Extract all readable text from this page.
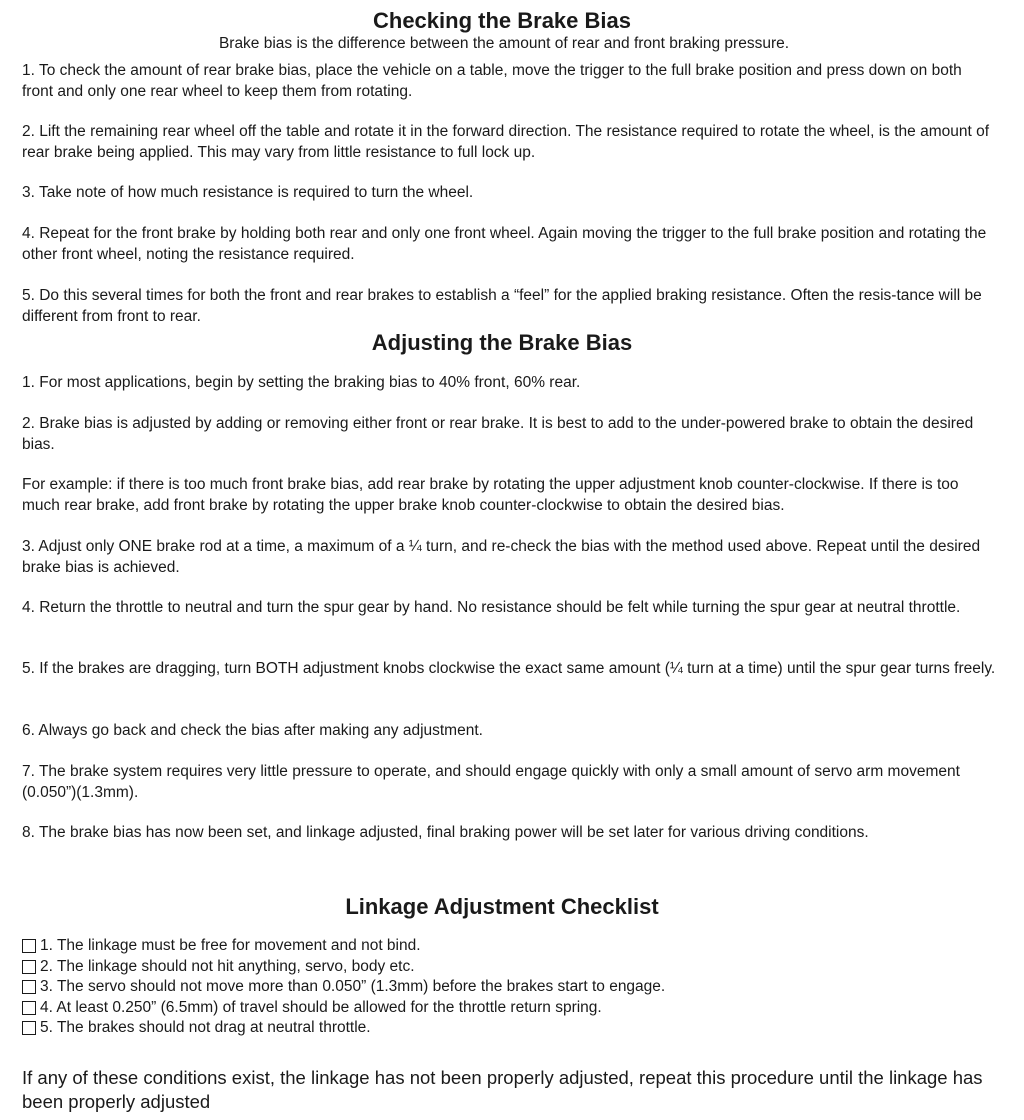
Checking the Brake Bias

Brake bias is the difference between the amount of rear and front braking pressure.

1. To check the amount of rear brake bias, place the vehicle on a table, move the trigger to the full brake position and press down on both front and only one rear wheel to keep them from rotating.

2. Lift the remaining rear wheel off the table and rotate it in the forward direction. The resistance required to rotate the wheel, is the amount of rear brake being applied. This may vary from little resistance to full lock up.

3. Take note of how much resistance is required to turn the wheel.

4. Repeat for the front brake by holding both rear and only one front wheel. Again moving the trigger to the full brake position and rotating the other front wheel, noting the resistance required.

5. Do this several times for both the front and rear brakes to establish a “feel” for the applied braking resistance. Often the resis-tance will be different from front to rear.

Adjusting the Brake Bias

1. For most applications, begin by setting the braking bias to 40% front, 60% rear.

2. Brake bias is adjusted by adding or removing either front or rear brake. It is best to add to the under-powered brake to obtain the desired bias.

For example: if there is too much front brake bias, add rear brake by rotating the upper adjustment knob counter-clockwise. If there is too much rear brake, add front brake by rotating the upper brake knob counter-clockwise to obtain the desired bias.

3. Adjust only ONE brake rod at a time, a maximum of a ¼ turn, and re-check the bias with the method used above. Repeat until the desired brake bias is achieved.

4. Return the throttle to neutral and turn the spur gear by hand. No resistance should be felt while turning the spur gear at neutral throttle.

5. If the brakes are dragging, turn BOTH adjustment knobs clockwise the exact same amount (¼ turn at a time) until the spur gear turns freely.

6. Always go back and check the bias after making any adjustment.

7. The brake system requires very little pressure to operate, and should engage quickly with only a small amount of servo arm movement (0.050”)(1.3mm).

8. The brake bias has now been set, and linkage adjusted, final braking power will be set later for various driving conditions.

Linkage Adjustment Checklist
1. The linkage must be free for movement and not bind.
2. The linkage should not hit anything, servo, body etc.
3. The servo should not move more than 0.050” (1.3mm) before the brakes start to engage.
4. At least 0.250” (6.5mm) of travel should be allowed for the throttle return spring.
5. The brakes should not drag at neutral throttle.

If any of these conditions exist, the linkage has not been properly adjusted, repeat this procedure until the linkage has been properly adjusted
